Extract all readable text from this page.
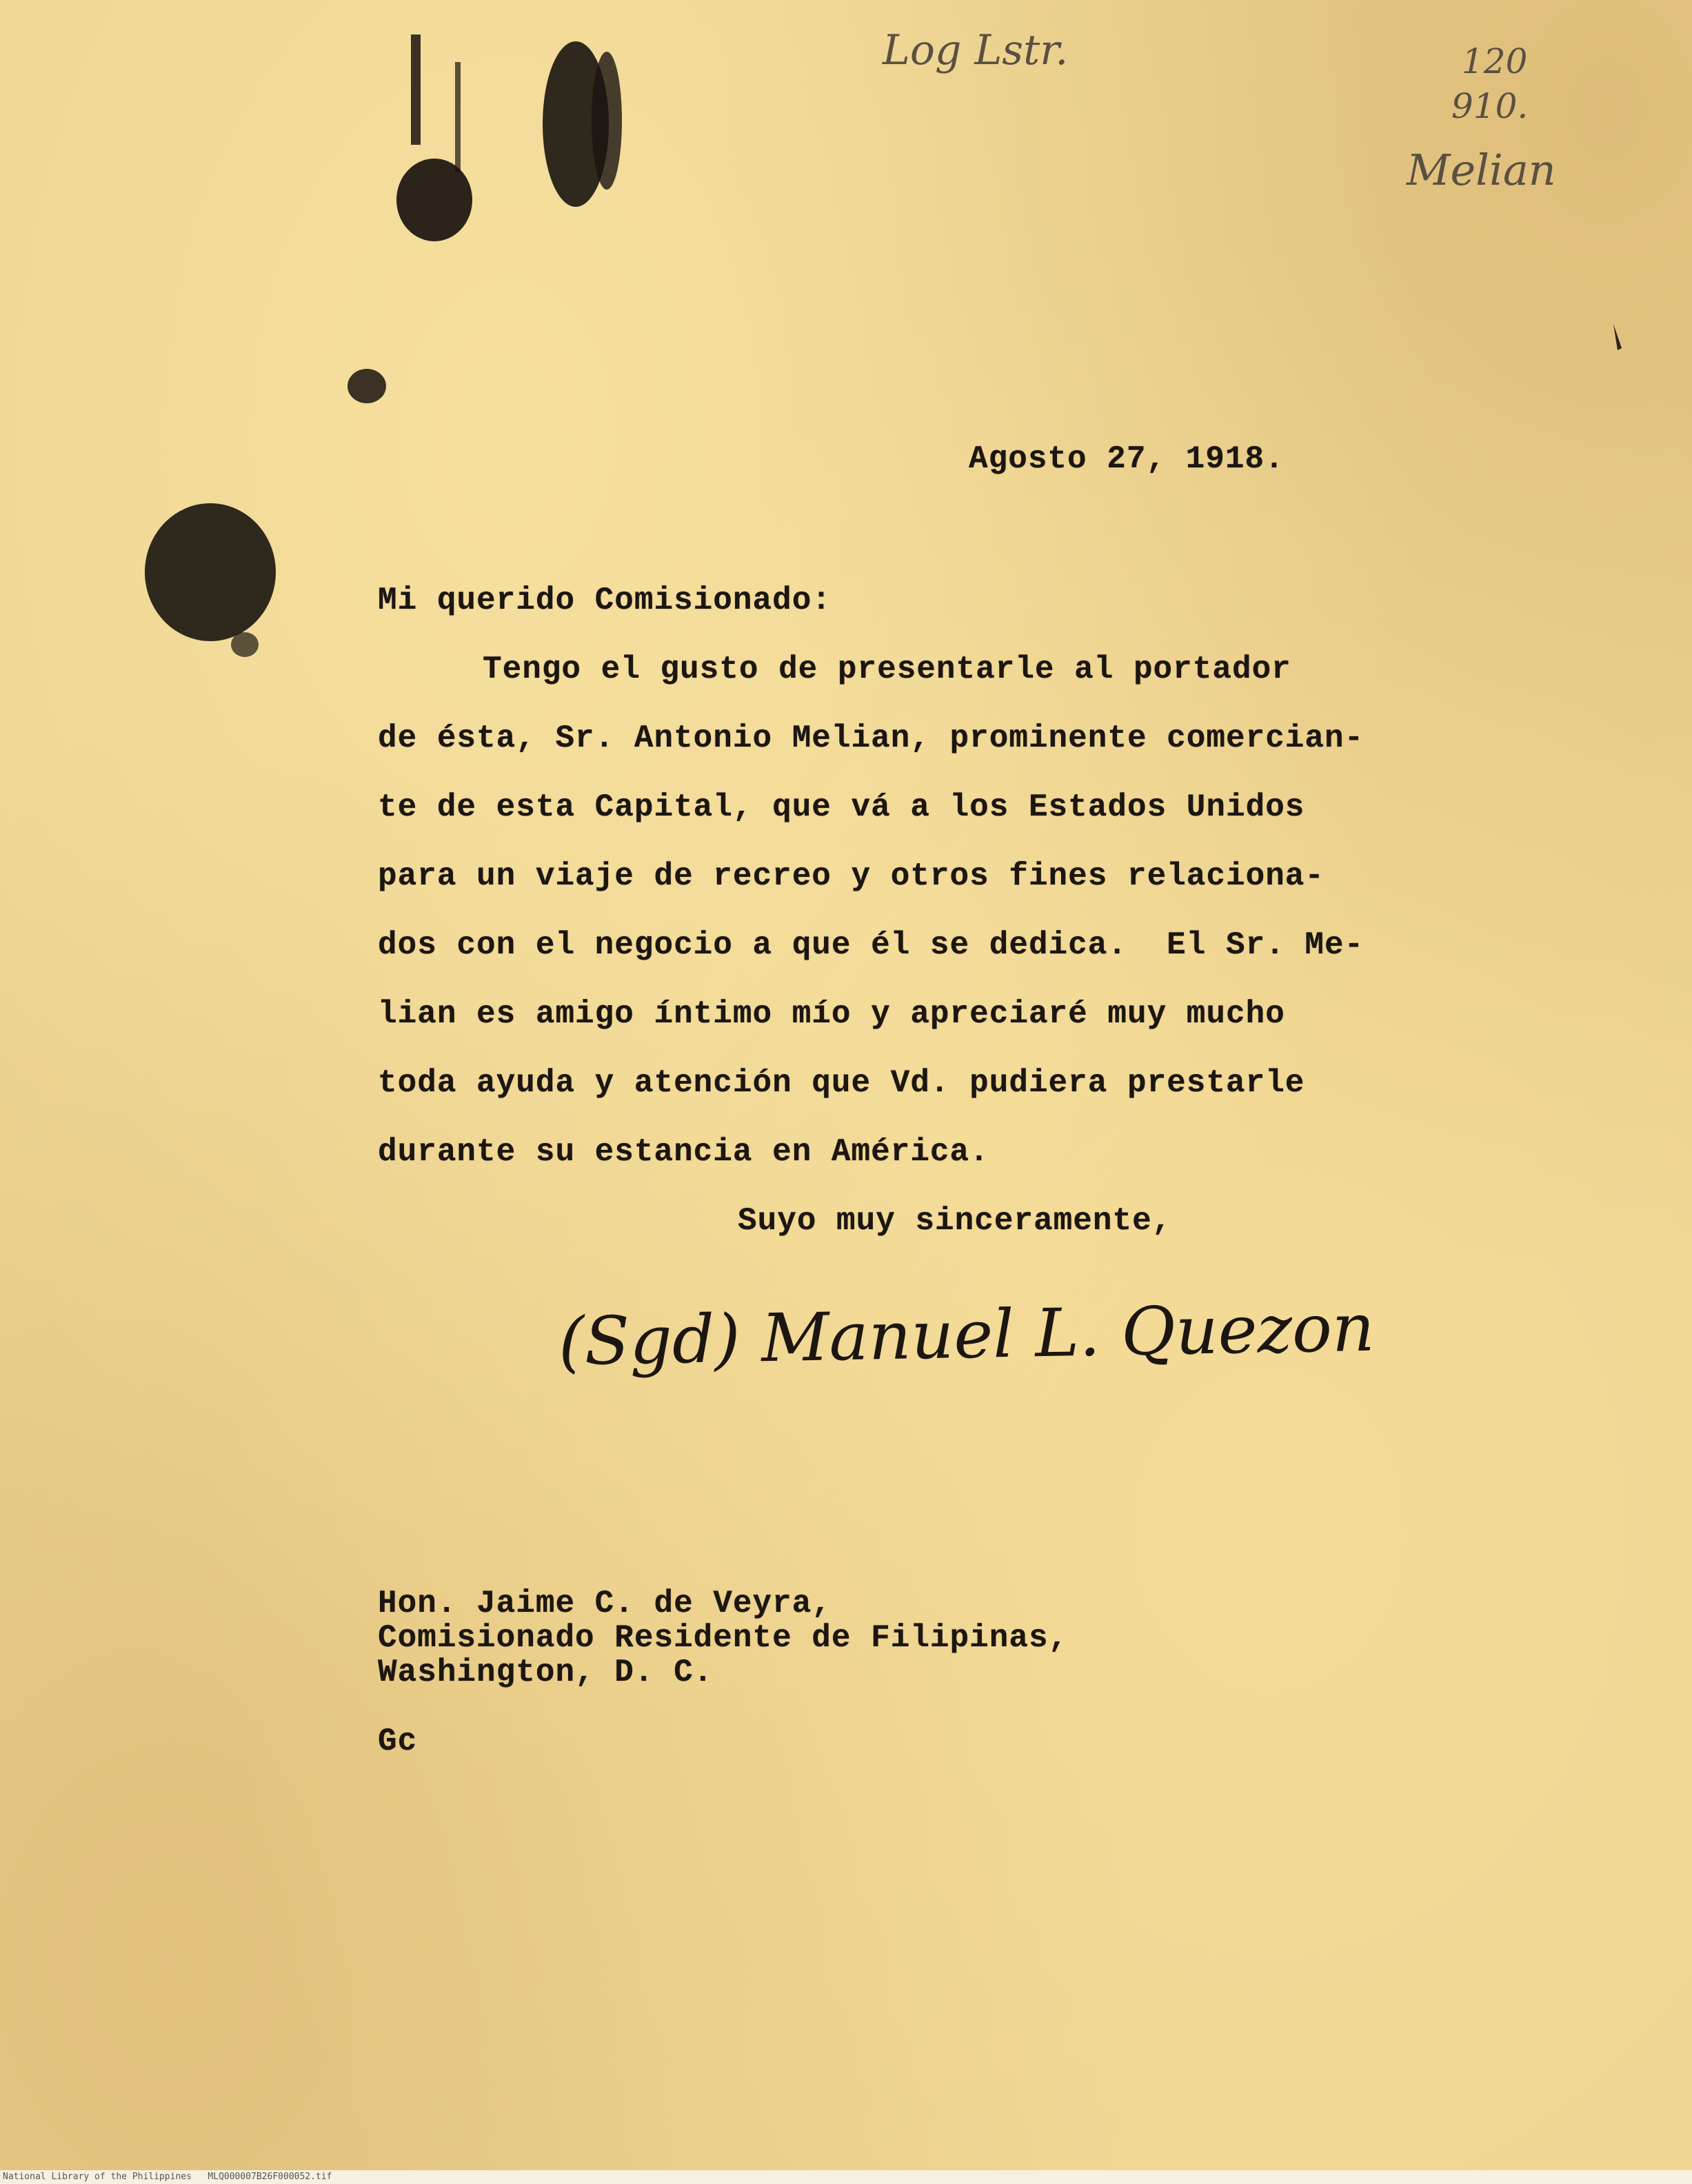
Log Lstr.	120
910.
Melian
Agosto 27, 1918.
Mi querido Comisionado:
Tengo el gusto de presentarle al portador
de ésta, Sr. Antonio Melian, prominente comercian-
te de esta Capital, que vá a los Estados Unidos
para un viaje de recreo y otros fines relaciona-
dos con el negocio a que él se dedica.  El Sr. Me-
lian es amigo íntimo mío y apreciaré muy mucho
toda ayuda y atención que Vd. pudiera prestarle
durante su estancia en América.
Suyo muy sinceramente,
(Sgd) Manuel L. Quezon
Hon. Jaime C. de Veyra,
Comisionado Residente de Filipinas,
Washington, D. C.
Gc
National Library of the Philippines   MLQ000007B26F000052.tif
